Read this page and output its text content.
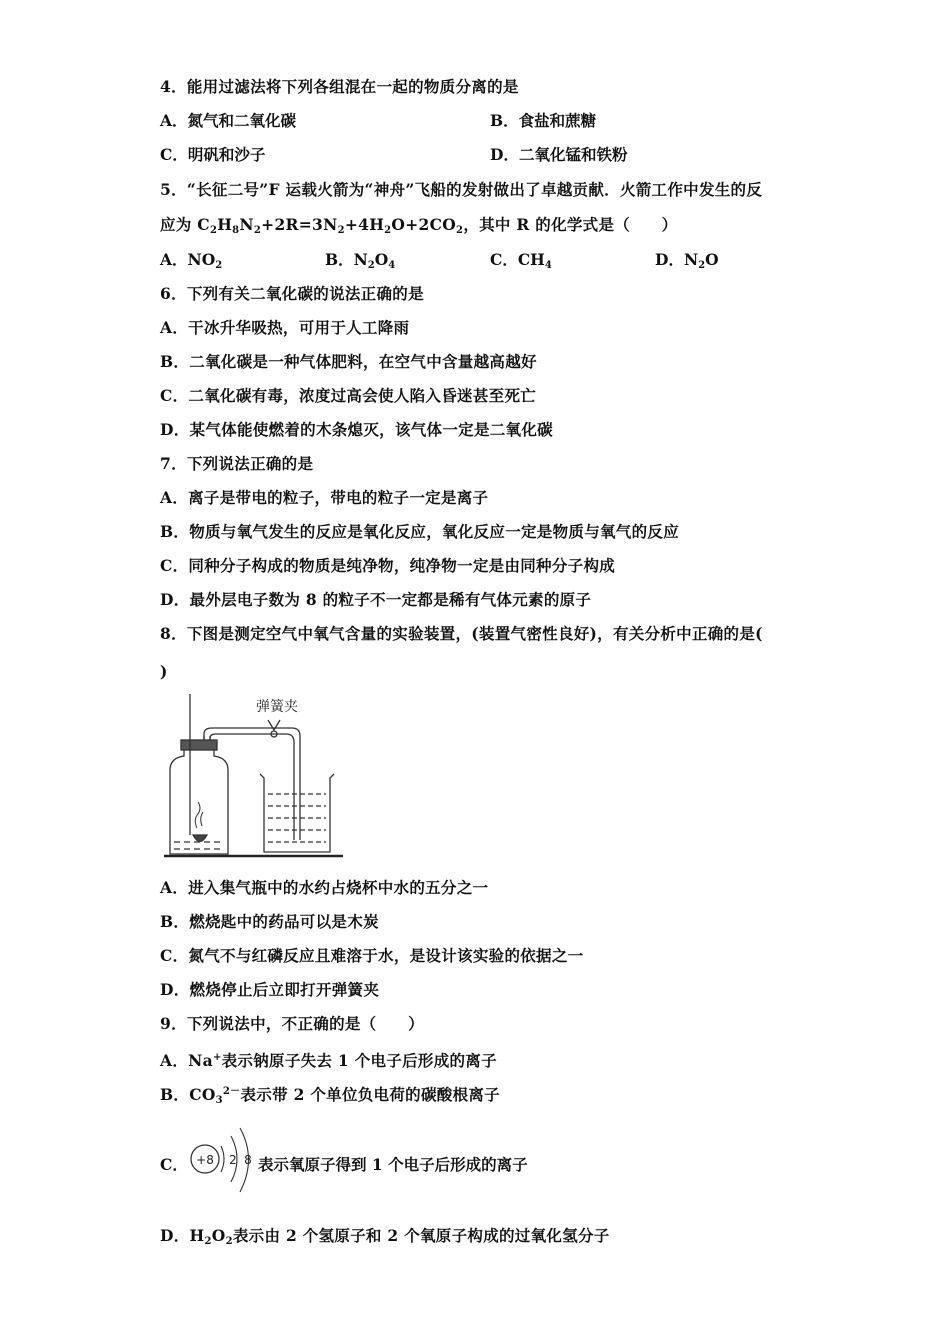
4．能用过滤法将下列各组混在一起的物质分离的是
A．氮气和二氧化碳	B．食盐和蔗糖
C．明矾和沙子	D．二氧化锰和铁粉
5．“长征二号”F 运载火箭为“神舟”飞船的发射做出了卓越贡献．火箭工作中发生的反
应为 $C_2H_8N_2+2R=3N_2+4H_2O+2CO_2$，其中 R 的化学式是（　　）
A．$NO_2$	B．$N_2O_4$	C．$CH_4$	D．$N_2O$
6．下列有关二氧化碳的说法正确的是
A．干冰升华吸热，可用于人工降雨
B．二氧化碳是一种气体肥料，在空气中含量越高越好
C．二氧化碳有毒，浓度过高会使人陷入昏迷甚至死亡
D．某气体能使燃着的木条熄灭，该气体一定是二氧化碳
7．下列说法正确的是
A．离子是带电的粒子，带电的粒子一定是离子
B．物质与氧气发生的反应是氧化反应，氧化反应一定是物质与氧气的反应
C．同种分子构成的物质是纯净物，纯净物一定是由同种分子构成
D．最外层电子数为 8 的粒子不一定都是稀有气体元素的原子
8．下图是测定空气中氧气含量的实验装置，(装置气密性良好)，有关分析中正确的是(
)
弹簧夹
A．进入集气瓶中的水约占烧杯中水的五分之一
B．燃烧匙中的药品可以是木炭
C．氮气不与红磷反应且难溶于水，是设计该实验的依据之一
D．燃烧停止后立即打开弹簧夹
9．下列说法中，不正确的是（　　）
A．Na+表示钠原子失去 1 个电子后形成的离子
B．$CO_3^{2-}$表示带 2 个单位负电荷的碳酸根离子
C． +8 2 8 表示氧原子得到 1 个电子后形成的离子
D．$H_2O_2$表示由 2 个氢原子和 2 个氧原子构成的过氧化氢分子
